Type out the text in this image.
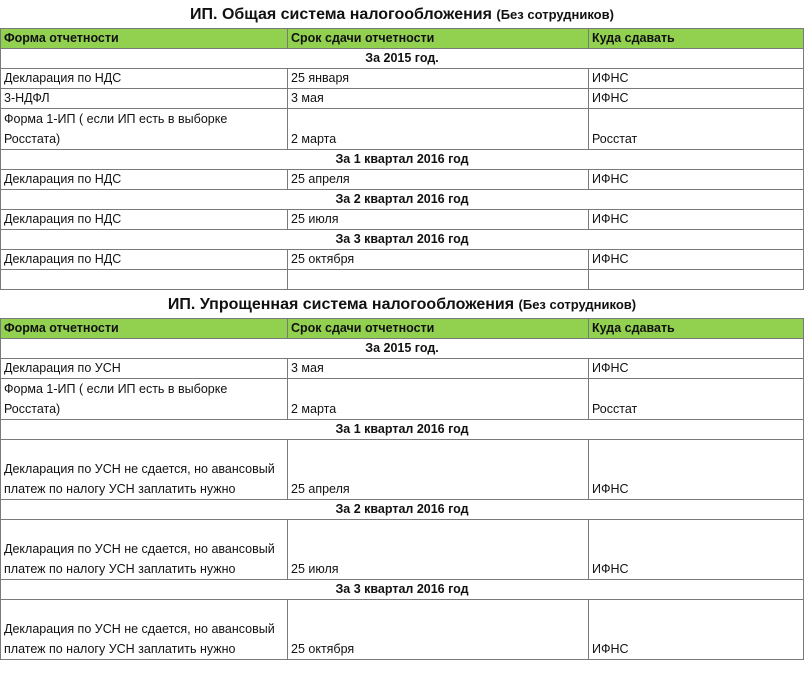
ИП. Общая система налогообложения (Без сотрудников)		
Форма отчетности	Срок сдачи отчетности	Куда сдавать
За 2015 год.		
Декларация по НДС	25 января	ИФНС
3-НДФЛ	3 мая	ИФНС
Форма 1-ИП ( если ИП есть в выборке Росстата)	2 марта	Росстат
За 1 квартал 2016 год		
Декларация по НДС	25 апреля	ИФНС
За 2 квартал 2016 год		
Декларация по НДС	25 июля	ИФНС
За 3 квартал 2016 год		
Декларация по НДС	25 октября	ИФНС

ИП. Упрощенная система налогообложения (Без сотрудников)		
Форма отчетности	Срок сдачи отчетности	Куда сдавать
За 2015 год.		
Декларация по УСН	3 мая	ИФНС
Форма 1-ИП ( если ИП есть в выборке Росстата)	2 марта	Росстат
За 1 квартал 2016 год		
Декларация по УСН не сдается, но авансовый платеж по налогу УСН заплатить нужно	25 апреля	ИФНС
За 2 квартал 2016 год		
Декларация по УСН не сдается, но авансовый платеж по налогу УСН заплатить нужно	25 июля	ИФНС
За 3 квартал 2016 год		
Декларация по УСН не сдается, но авансовый платеж по налогу УСН заплатить нужно	25 октября	ИФНС
